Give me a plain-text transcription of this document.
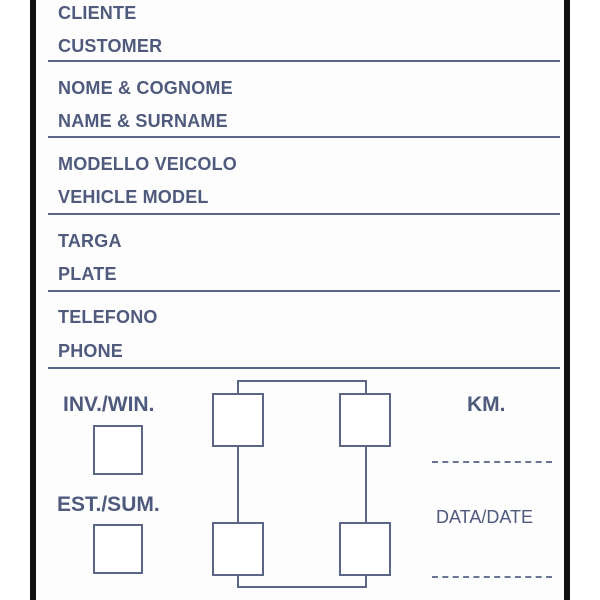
CLIENTE
CUSTOMER
NOME & COGNOME
NAME & SURNAME
MODELLO VEICOLO
VEHICLE MODEL
TARGA
PLATE
TELEFONO
PHONE
INV./WIN.
EST./SUM.
KM.
DATA/DATE
